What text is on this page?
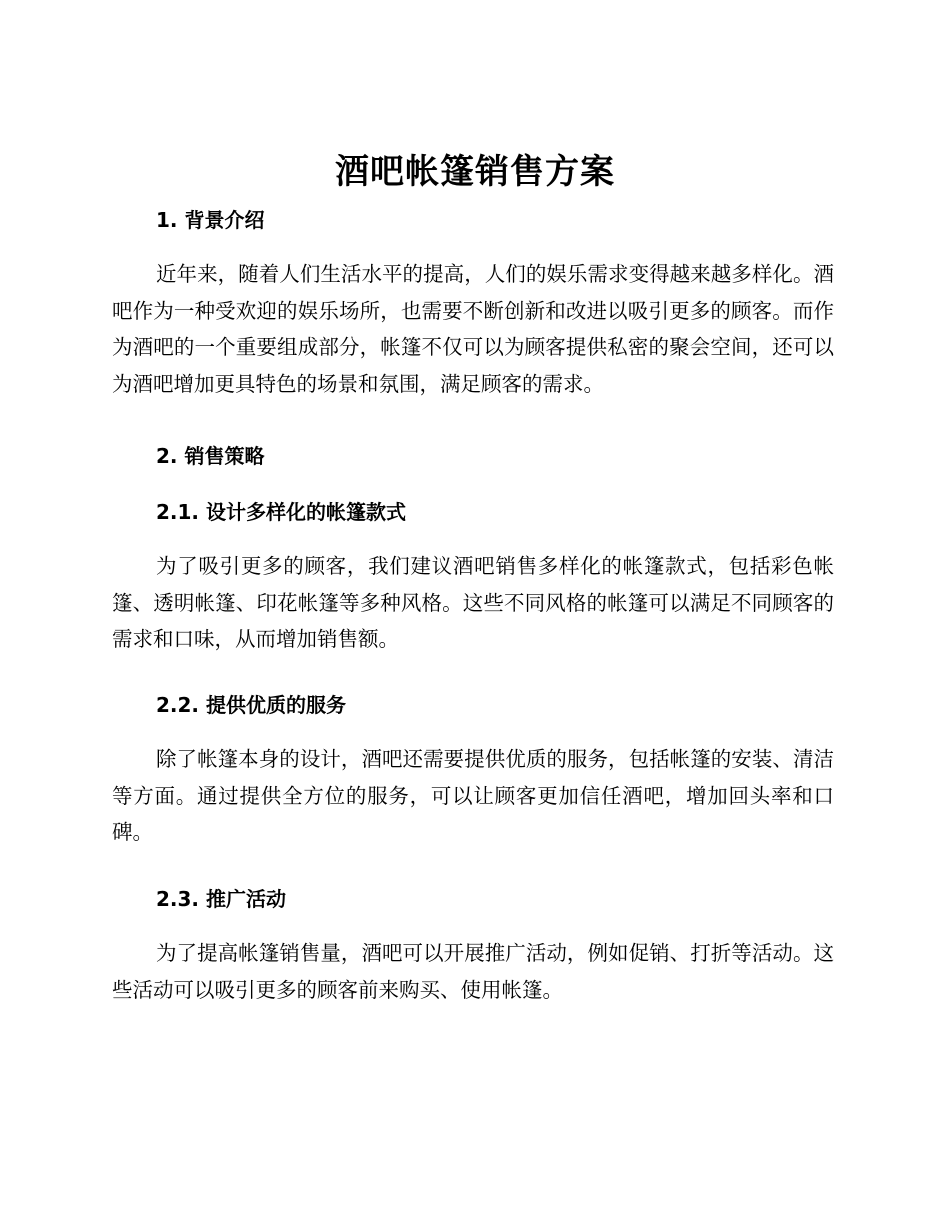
酒吧帐篷销售方案
1. 背景介绍

近年来，随着人们生活水平的提高，人们的娱乐需求变得越来越多样化。酒吧作为一种受欢迎的娱乐场所，也需要不断创新和改进以吸引更多的顾客。而作为酒吧的一个重要组成部分，帐篷不仅可以为顾客提供私密的聚会空间，还可以为酒吧增加更具特色的场景和氛围，满足顾客的需求。

2. 销售策略
2.1. 设计多样化的帐篷款式

为了吸引更多的顾客，我们建议酒吧销售多样化的帐篷款式，包括彩色帐篷、透明帐篷、印花帐篷等多种风格。这些不同风格的帐篷可以满足不同顾客的需求和口味，从而增加销售额。

2.2. 提供优质的服务

除了帐篷本身的设计，酒吧还需要提供优质的服务，包括帐篷的安装、清洁等方面。通过提供全方位的服务，可以让顾客更加信任酒吧，增加回头率和口碑。

2.3. 推广活动

为了提高帐篷销售量，酒吧可以开展推广活动，例如促销、打折等活动。这些活动可以吸引更多的顾客前来购买、使用帐篷。
